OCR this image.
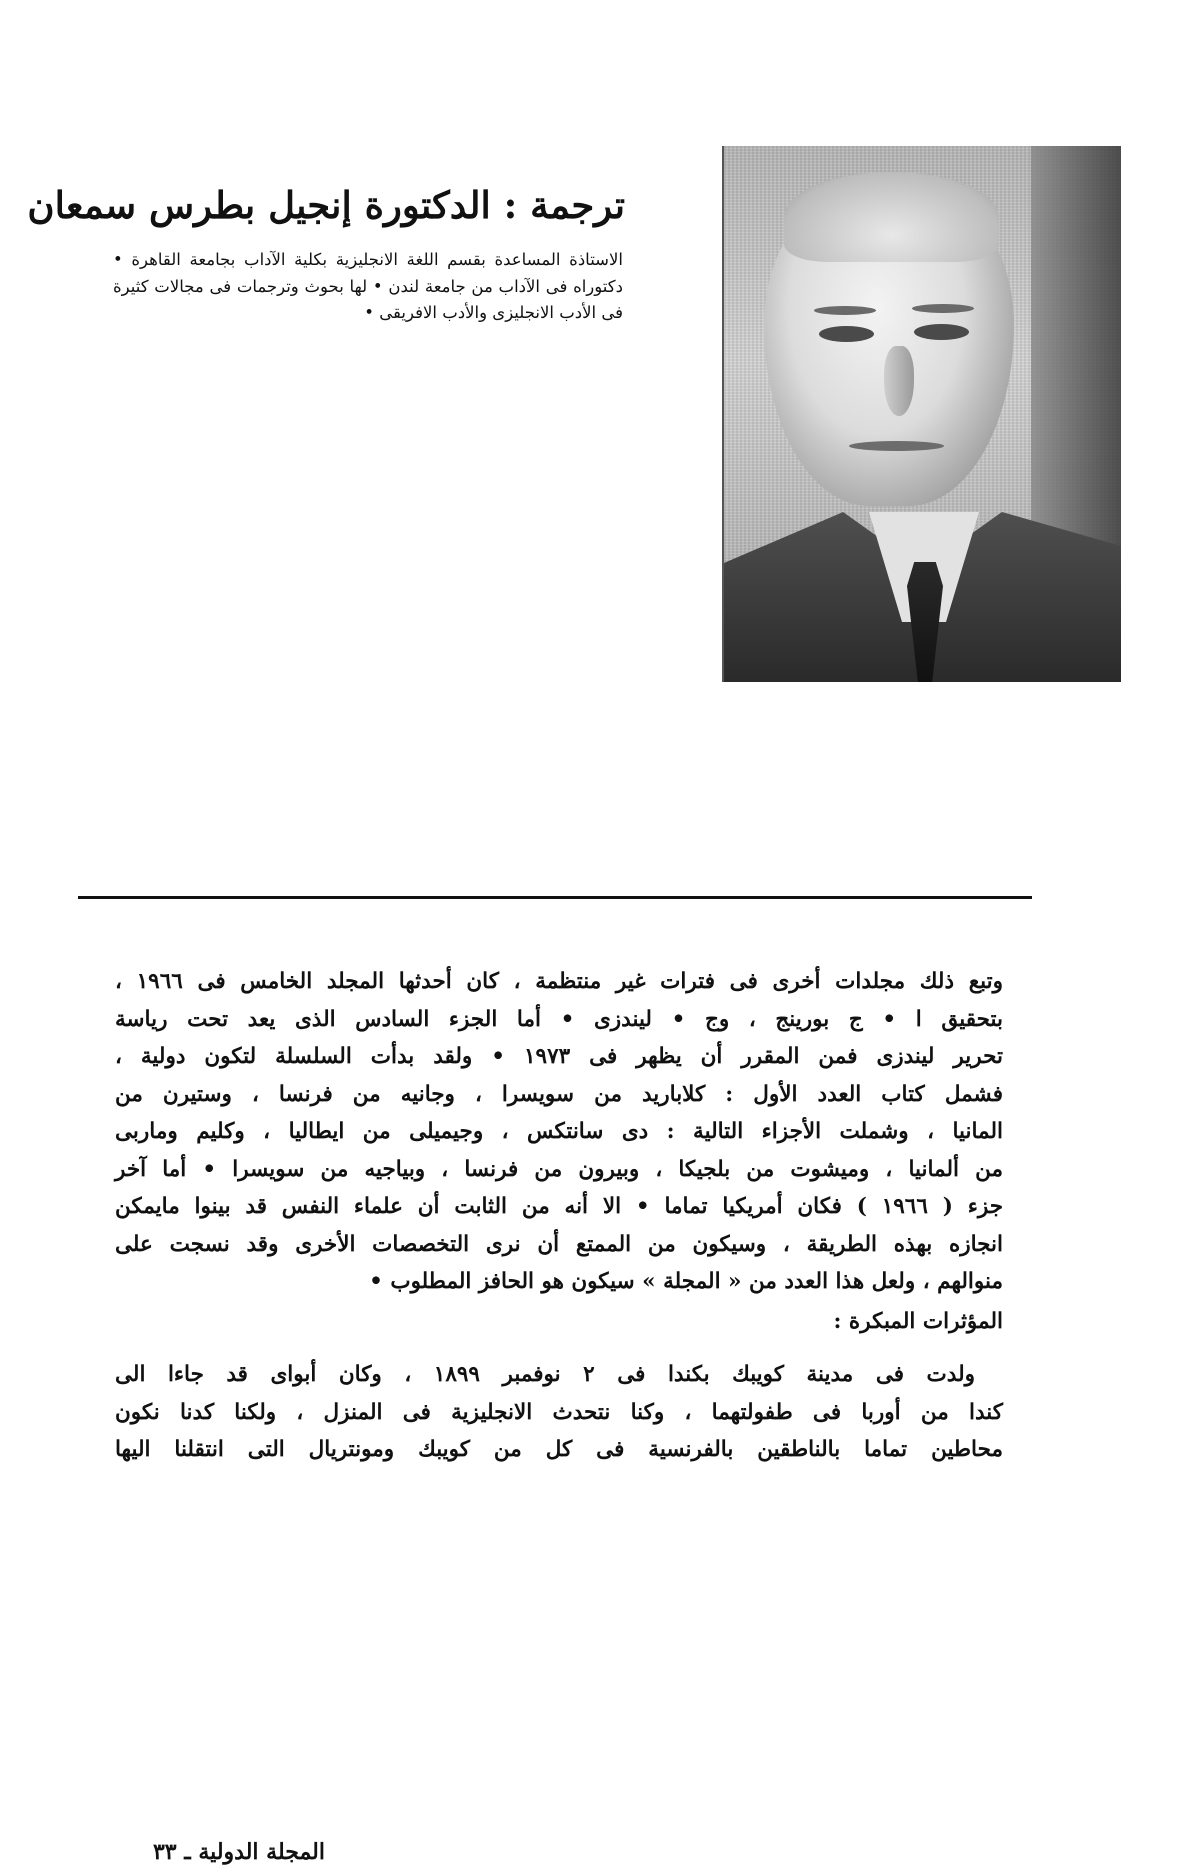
ترجمة : الدكتورة إنجيل بطرس سمعان
الاستاذة المساعدة بقسم اللغة الانجليزية بكلية الآداب بجامعة القاهرة • دكتوراه فى الآداب من جامعة لندن • لها بحوث وترجمات فى مجالات كثيرة فى الأدب الانجليزى والأدب الافريقى •

وتبع ذلك مجلدات أخرى فى فترات غير منتظمة ، كان أحدثها المجلد الخامس فى ١٩٦٦ ،

بتحقيق ا • ج بورينج ، وج • ليندزى • أما الجزء السادس الذى يعد تحت رياسة

تحرير ليندزى فمن المقرر أن يظهر فى ١٩٧٣ • ولقد بدأت السلسلة لتكون دولية ،

فشمل كتاب العدد الأول : كلاباريد من سويسرا ، وجانيه من فرنسا ، وستيرن من

المانيا ، وشملت الأجزاء التالية : دى سانتكس ، وجيميلى من ايطاليا ، وكليم وماربى

من ألمانيا ، وميشوت من بلجيكا ، وبيرون من فرنسا ، وبياجيه من سويسرا • أما آخر

جزء ( ١٩٦٦ ) فكان أمريكيا تماما • الا أنه من الثابت أن علماء النفس قد بينوا مايمكن

انجازه بهذه الطريقة ، وسيكون من الممتع أن نرى التخصصات الأخرى وقد نسجت على

منوالهم ، ولعل هذا العدد من « المجلة » سيكون هو الحافز المطلوب •

المؤثرات المبكرة :

ولدت فى مدينة كويبك بكندا فى ٢ نوفمبر ١٨٩٩ ، وكان أبواى قد جاءا الى

كندا من أوربا فى طفولتهما ، وكنا نتحدث الانجليزية فى المنزل ، ولكنا كدنا نكون

محاطين تماما بالناطقين بالفرنسية فى كل من كويبك ومونتريال التى انتقلنا اليها

المجلة الدولية ـ ٣٣
